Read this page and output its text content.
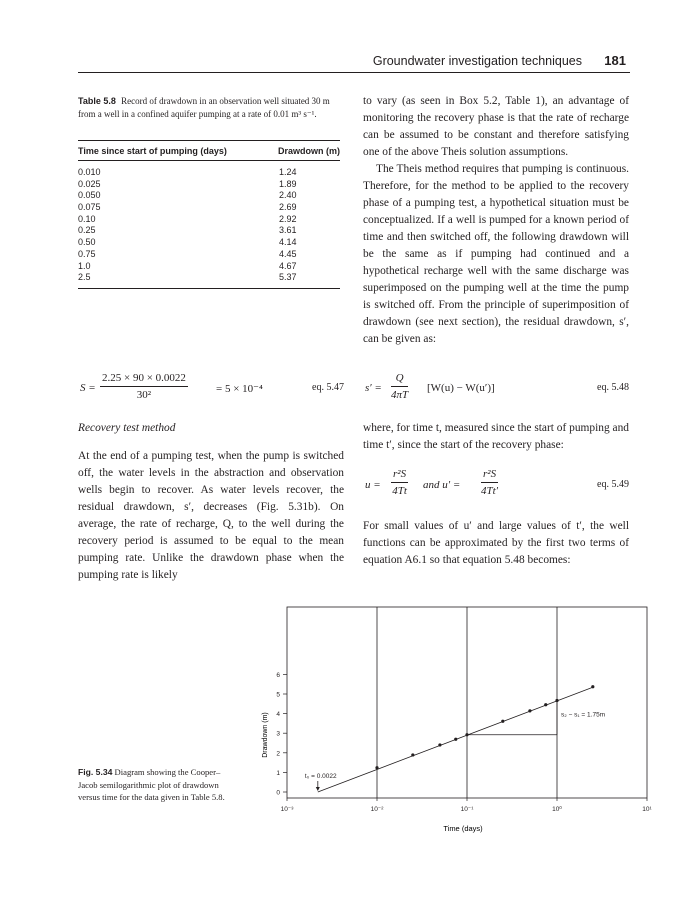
Groundwater investigation techniques 181
Table 5.8 Record of drawdown in an observation well situated 30 m from a well in a confined aquifer pumping at a rate of 0.01 m³ s⁻¹.
Time since start of pumping (days)	Drawdown (m)
0.010	1.24
0.025	1.89
0.050	2.40
0.075	2.69
0.10	2.92
0.25	3.61
0.50	4.14
0.75	4.45
1.0	4.67
2.5	5.37
$S = \frac{2.25 \times 90 \times 0.0022}{\text{30²}}$	= 5 × 10⁻⁴	eq. 5.47
Recovery test method
At the end of a pumping test, when the pump is switched off, the water levels in the abstraction and observation wells begin to recover. As water levels recover, the residual drawdown, s′, decreases (Fig. 5.31b). On average, the rate of recharge, Q, to the well during the recovery period is assumed to be equal to the mean pumping rate. Unlike the drawdown phase when the pumping rate is likely
to vary (as seen in Box 5.2, Table 1), an advantage of monitoring the recovery phase is that the rate of recharge can be assumed to be constant and therefore satisfying one of the above Theis solution assumptions.
The Theis method requires that pumping is continuous. Therefore, for the method to be applied to the recovery phase of a pumping test, a hypothetical situation must be conceptualized. If a well is pumped for a known period of time and then switched off, the following drawdown will be the same as if pumping had continued and a hypothetical recharge well with the same discharge was superimposed on the pumping well at the time the pump is switched off. From the principle of superimposition of drawdown (see next section), the residual drawdown, s′, can be given as:
$s' = \frac{Q}{4\pi T} [W(u) - W(u')]$	eq. 5.48
where, for time t, measured since the start of pumping and time t′, since the start of the recovery phase:
$u = \frac{\text{r²S}}{4Tt}$ and $u' = \frac{\text{r²S}}{4Tt'}$	eq. 5.49
For small values of u′ and large values of t′, the well functions can be approximated by the first two terms of equation A6.1 so that equation 5.48 becomes:
Fig. 5.34 Diagram showing the Cooper–Jacob semilogarithmic plot of drawdown versus time for the data given in Table 5.8.	0
1
2
3
4
5
6
10⁻³	10⁻²	10⁻¹	10⁰	10¹
t₀ = 0.0022
s₂ − s₁ = 1.75m
Drawdown (m)
Time (days)
